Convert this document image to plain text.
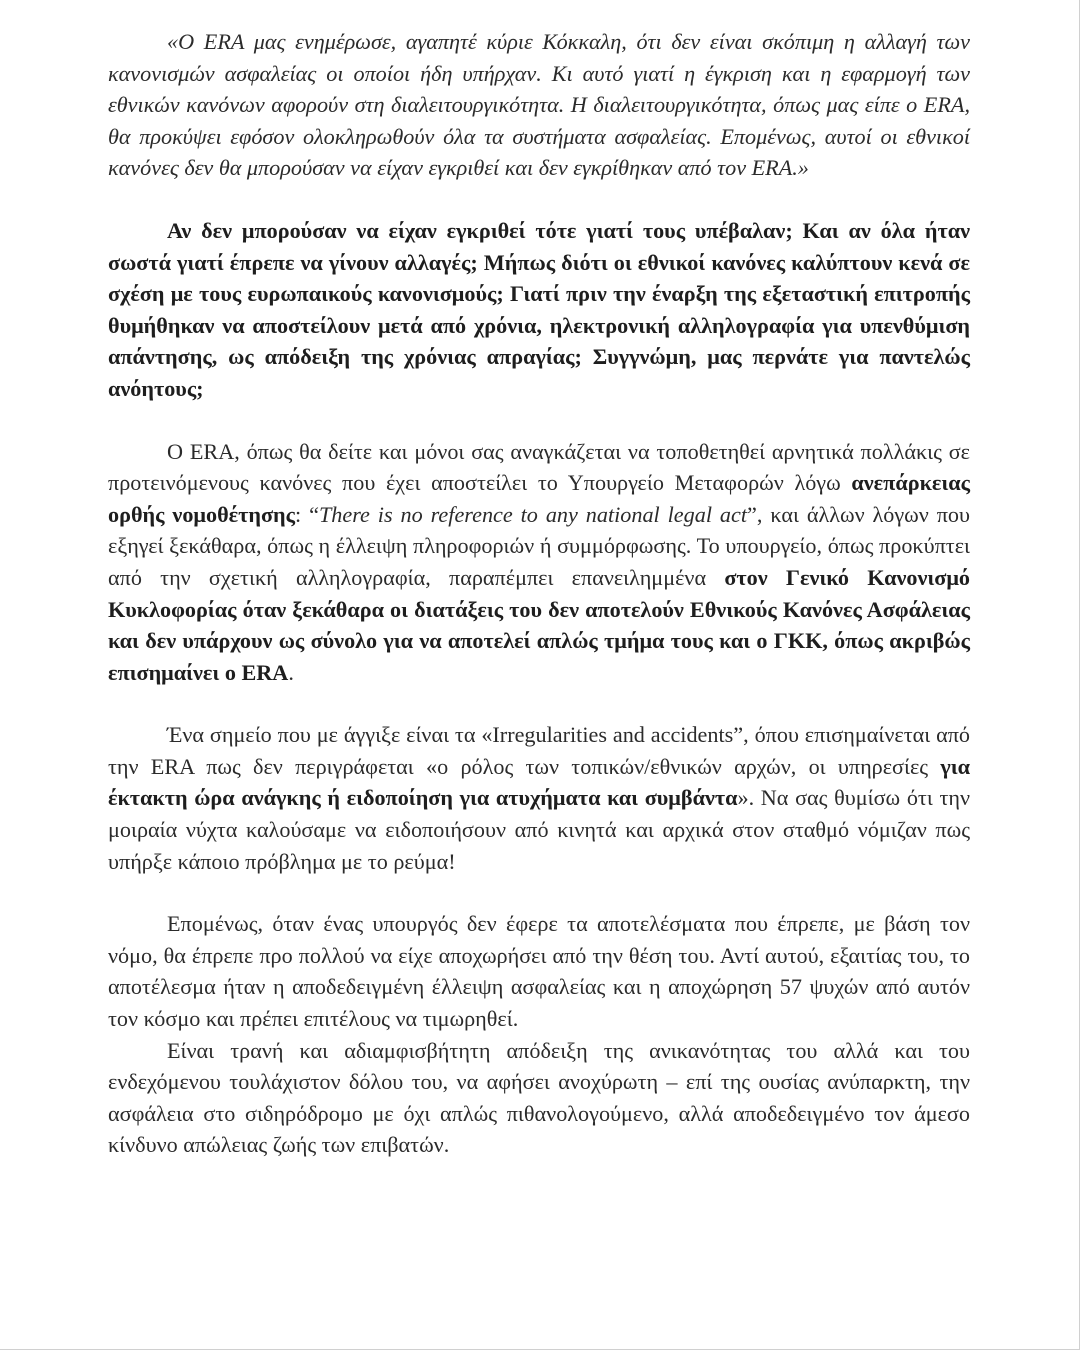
«Ο ERA μας ενημέρωσε, αγαπητέ κύριε Κόκκαλη, ότι δεν είναι σκόπιμη η αλλαγή των κανονισμών ασφαλείας οι οποίοι ήδη υπήρχαν. Κι αυτό γιατί η έγκριση και η εφαρμογή των εθνικών κανόνων αφορούν στη διαλειτουργικότητα. Η διαλειτουργικότητα, όπως μας είπε ο ERA, θα προκύψει εφόσον ολοκληρωθούν όλα τα συστήματα ασφαλείας. Επομένως, αυτοί οι εθνικοί κανόνες δεν θα μπορούσαν να είχαν εγκριθεί και δεν εγκρίθηκαν από τον ERA.»

Αν δεν μπορούσαν να είχαν εγκριθεί τότε γιατί τους υπέβαλαν; Και αν όλα ήταν σωστά γιατί έπρεπε να γίνουν αλλαγές; Μήπως διότι οι εθνικοί κανόνες καλύπτουν κενά σε σχέση με τους ευρωπαικούς κανονισμούς; Γιατί πριν την έναρξη της εξεταστική επιτροπής θυμήθηκαν να αποστείλουν μετά από χρόνια, ηλεκτρονική αλληλογραφία για υπενθύμιση απάντησης, ως απόδειξη της χρόνιας απραγίας; Συγγνώμη, μας περνάτε για παντελώς ανόητους;

Ο ERA, όπως θα δείτε και μόνοι σας αναγκάζεται να τοποθετηθεί αρνητικά πολλάκις σε προτεινόμενους κανόνες που έχει αποστείλει το Υπουργείο Μεταφορών λόγω ανεπάρκειας ορθής νομοθέτησης: “There is no reference to any national legal act”, και άλλων λόγων που εξηγεί ξεκάθαρα, όπως η έλλειψη πληροφοριών ή συμμόρφωσης. Το υπουργείο, όπως προκύπτει από την σχετική αλληλογραφία, παραπέμπει επανειλημμένα στον Γενικό Κανονισμό Κυκλοφορίας όταν ξεκάθαρα οι διατάξεις του δεν αποτελούν Εθνικούς Κανόνες Ασφάλειας και δεν υπάρχουν ως σύνολο για να αποτελεί απλώς τμήμα τους και ο ΓΚΚ, όπως ακριβώς επισημαίνει ο ERA.

Ένα σημείο που με άγγιξε είναι τα «Irregularities and accidents”, όπου επισημαίνεται από την ERA πως δεν περιγράφεται «ο ρόλος των τοπικών/εθνικών αρχών, οι υπηρεσίες για έκτακτη ώρα ανάγκης ή ειδοποίηση για ατυχήματα και συμβάντα». Να σας θυμίσω ότι την μοιραία νύχτα καλούσαμε να ειδοποιήσουν από κινητά και αρχικά στον σταθμό νόμιζαν πως υπήρξε κάποιο πρόβλημα με το ρεύμα!

Επομένως, όταν ένας υπουργός δεν έφερε τα αποτελέσματα που έπρεπε, με βάση τον νόμο, θα έπρεπε προ πολλού να είχε αποχωρήσει από την θέση του. Αντί αυτού, εξαιτίας του, το αποτέλεσμα ήταν η αποδεδειγμένη έλλειψη ασφαλείας και η αποχώρηση 57 ψυχών από αυτόν τον κόσμο και πρέπει επιτέλους να τιμωρηθεί.

Είναι τρανή και αδιαμφισβήτητη απόδειξη της ανικανότητας του αλλά και του ενδεχόμενου τουλάχιστον δόλου του, να αφήσει ανοχύρωτη – επί της ουσίας ανύπαρκτη, την ασφάλεια στο σιδηρόδρομο με όχι απλώς πιθανολογούμενο, αλλά αποδεδειγμένο τον άμεσο κίνδυνο απώλειας ζωής των επιβατών.
